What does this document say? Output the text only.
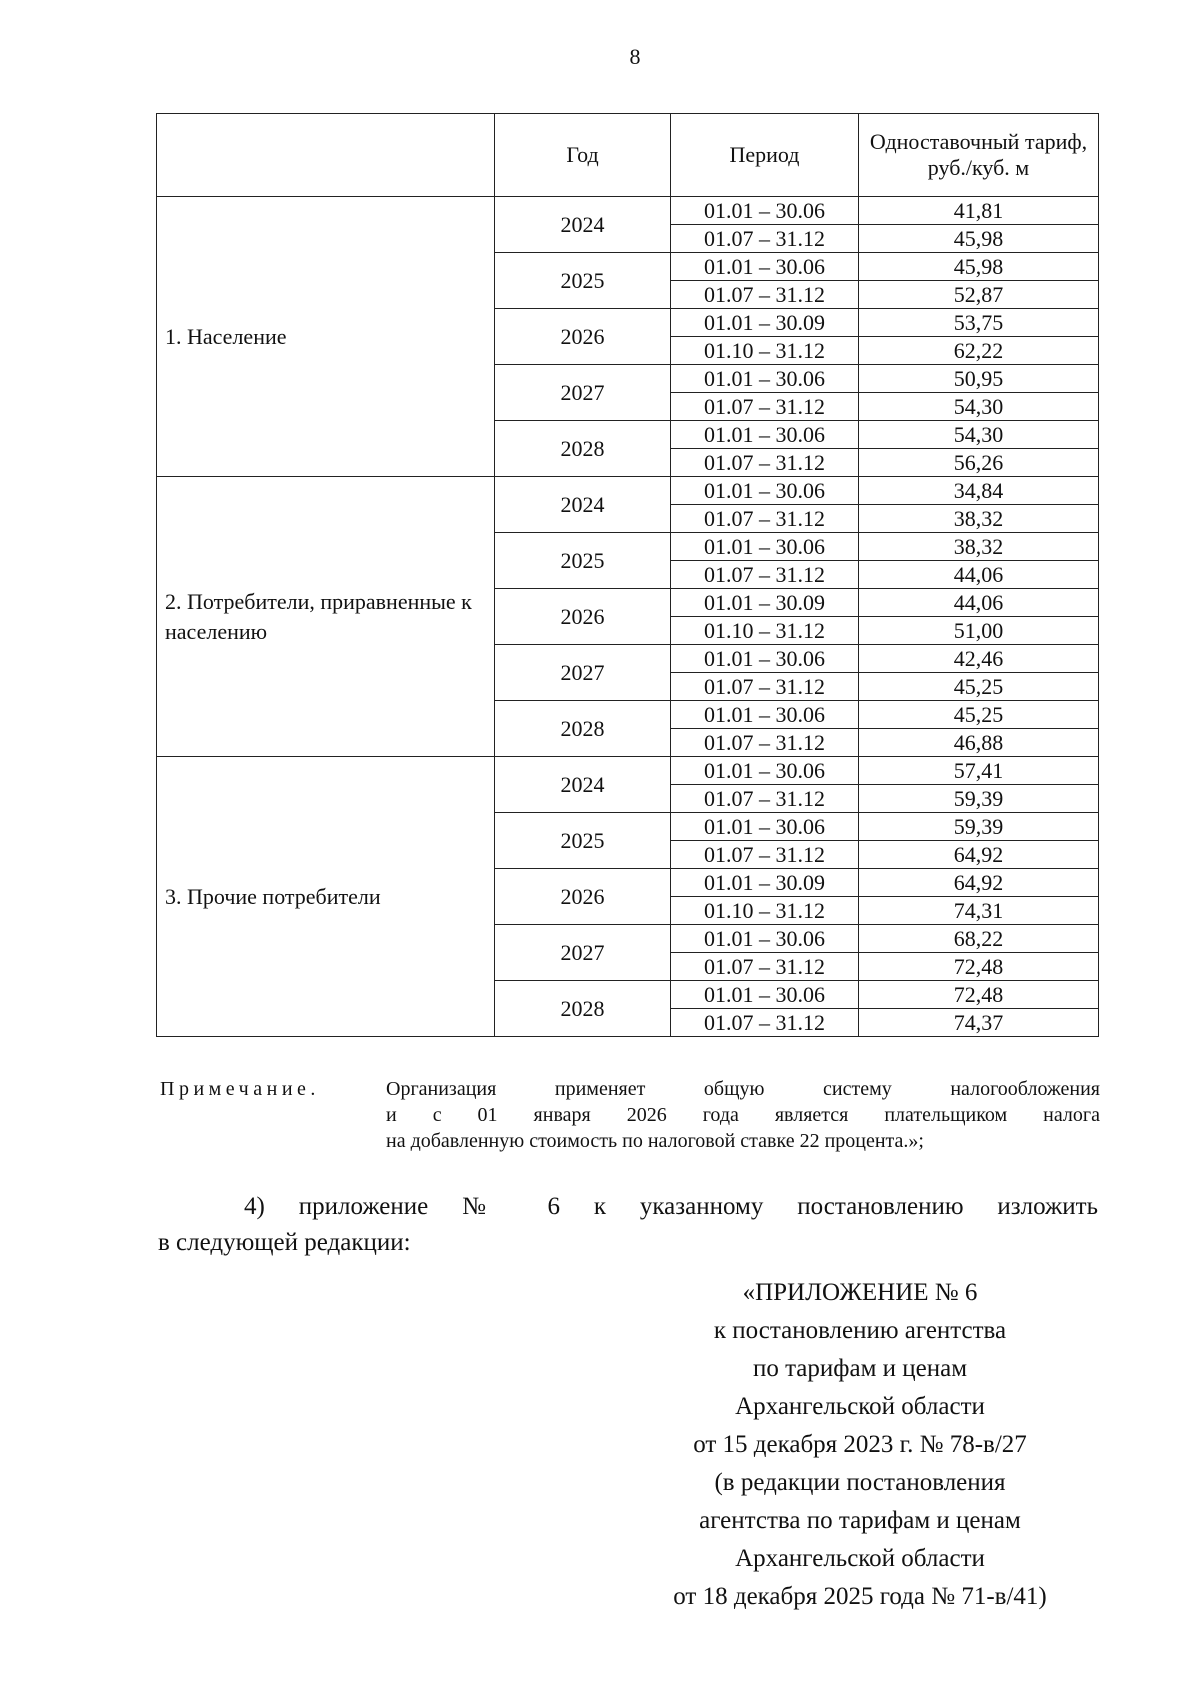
8
	Год	Период	Одноставочный тариф, руб./куб. м
1. Население	2024	01.01 – 30.06	41,81
		01.07 – 31.12	45,98
	2025	01.01 – 30.06	45,98
		01.07 – 31.12	52,87
	2026	01.01 – 30.09	53,75
		01.10 – 31.12	62,22
	2027	01.01 – 30.06	50,95
		01.07 – 31.12	54,30
	2028	01.01 – 30.06	54,30
		01.07 – 31.12	56,26
2. Потребители, приравненные к населению	2024	01.01 – 30.06	34,84
		01.07 – 31.12	38,32
	2025	01.01 – 30.06	38,32
		01.07 – 31.12	44,06
	2026	01.01 – 30.09	44,06
		01.10 – 31.12	51,00
	2027	01.01 – 30.06	42,46
		01.07 – 31.12	45,25
	2028	01.01 – 30.06	45,25
		01.07 – 31.12	46,88
3. Прочие потребители	2024	01.01 – 30.06	57,41
		01.07 – 31.12	59,39
	2025	01.01 – 30.06	59,39
		01.07 – 31.12	64,92
	2026	01.01 – 30.09	64,92
		01.10 – 31.12	74,31
	2027	01.01 – 30.06	68,22
		01.07 – 31.12	72,48
	2028	01.01 – 30.06	72,48
		01.07 – 31.12	74,37
Примечание.	Организация применяет общую систему налогообложения
и с 01 января 2026 года является плательщиком налога
на добавленную стоимость по налоговой ставке 22 процента.»;
4) приложение № 6 к указанному постановлению изложить
в следующей редакции:
«ПРИЛОЖЕНИЕ № 6
к постановлению агентства
по тарифам и ценам
Архангельской области
от 15 декабря 2023 г. № 78-в/27
(в редакции постановления
агентства по тарифам и ценам
Архангельской области
от 18 декабря 2025 года № 71-в/41)
